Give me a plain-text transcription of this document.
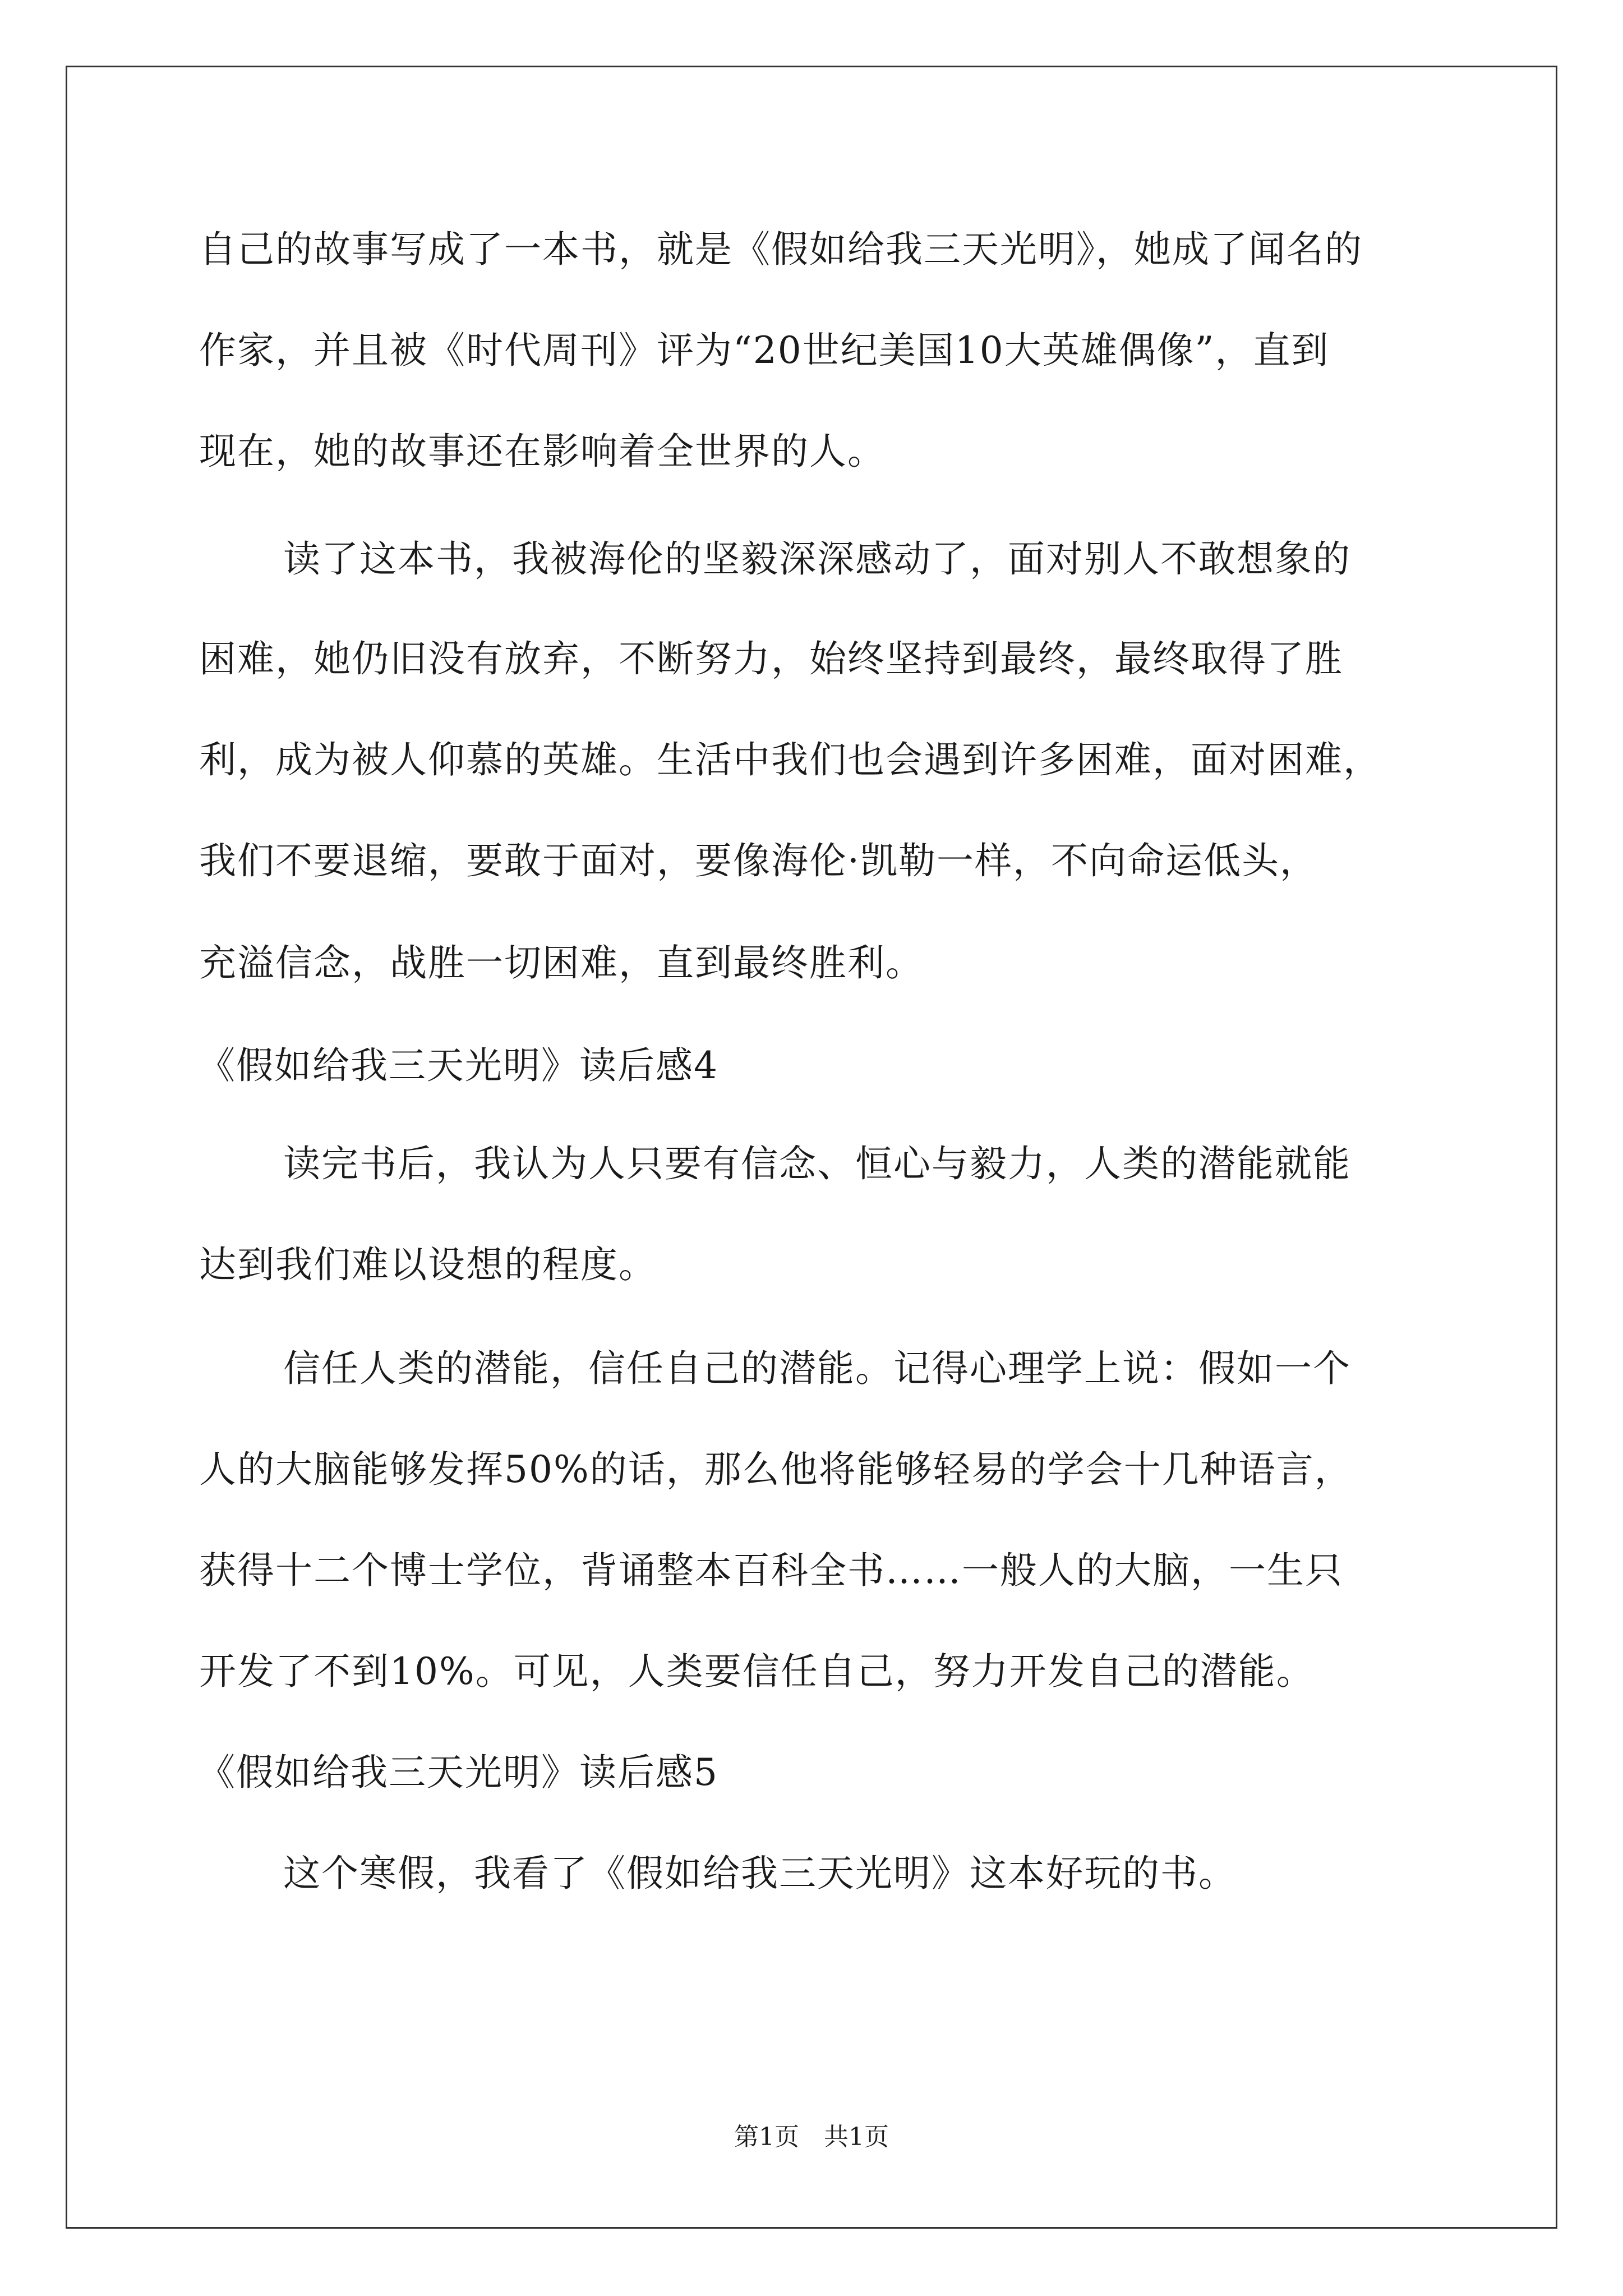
自己的故事写成了一本书，就是《假如给我三天光明》，她成了闻名的
作家，并且被《时代周刊》评为“20世纪美国10大英雄偶像”，直到
现在，她的故事还在影响着全世界的人。
读了这本书，我被海伦的坚毅深深感动了，面对别人不敢想象的
困难，她仍旧没有放弃，不断努力，始终坚持到最终，最终取得了胜
利，成为被人仰慕的英雄。生活中我们也会遇到许多困难，面对困难，
我们不要退缩，要敢于面对，要像海伦·凯勒一样，不向命运低头，
充溢信念，战胜一切困难，直到最终胜利。
《假如给我三天光明》读后感4
读完书后，我认为人只要有信念、恒心与毅力，人类的潜能就能
达到我们难以设想的程度。
信任人类的潜能，信任自己的潜能。记得心理学上说：假如一个
人的大脑能够发挥50%的话，那么他将能够轻易的学会十几种语言，
获得十二个博士学位，背诵整本百科全书……一般人的大脑，一生只
开发了不到10%。可见，人类要信任自己，努力开发自己的潜能。
《假如给我三天光明》读后感5
这个寒假，我看了《假如给我三天光明》这本好玩的书。
第1页　共1页
